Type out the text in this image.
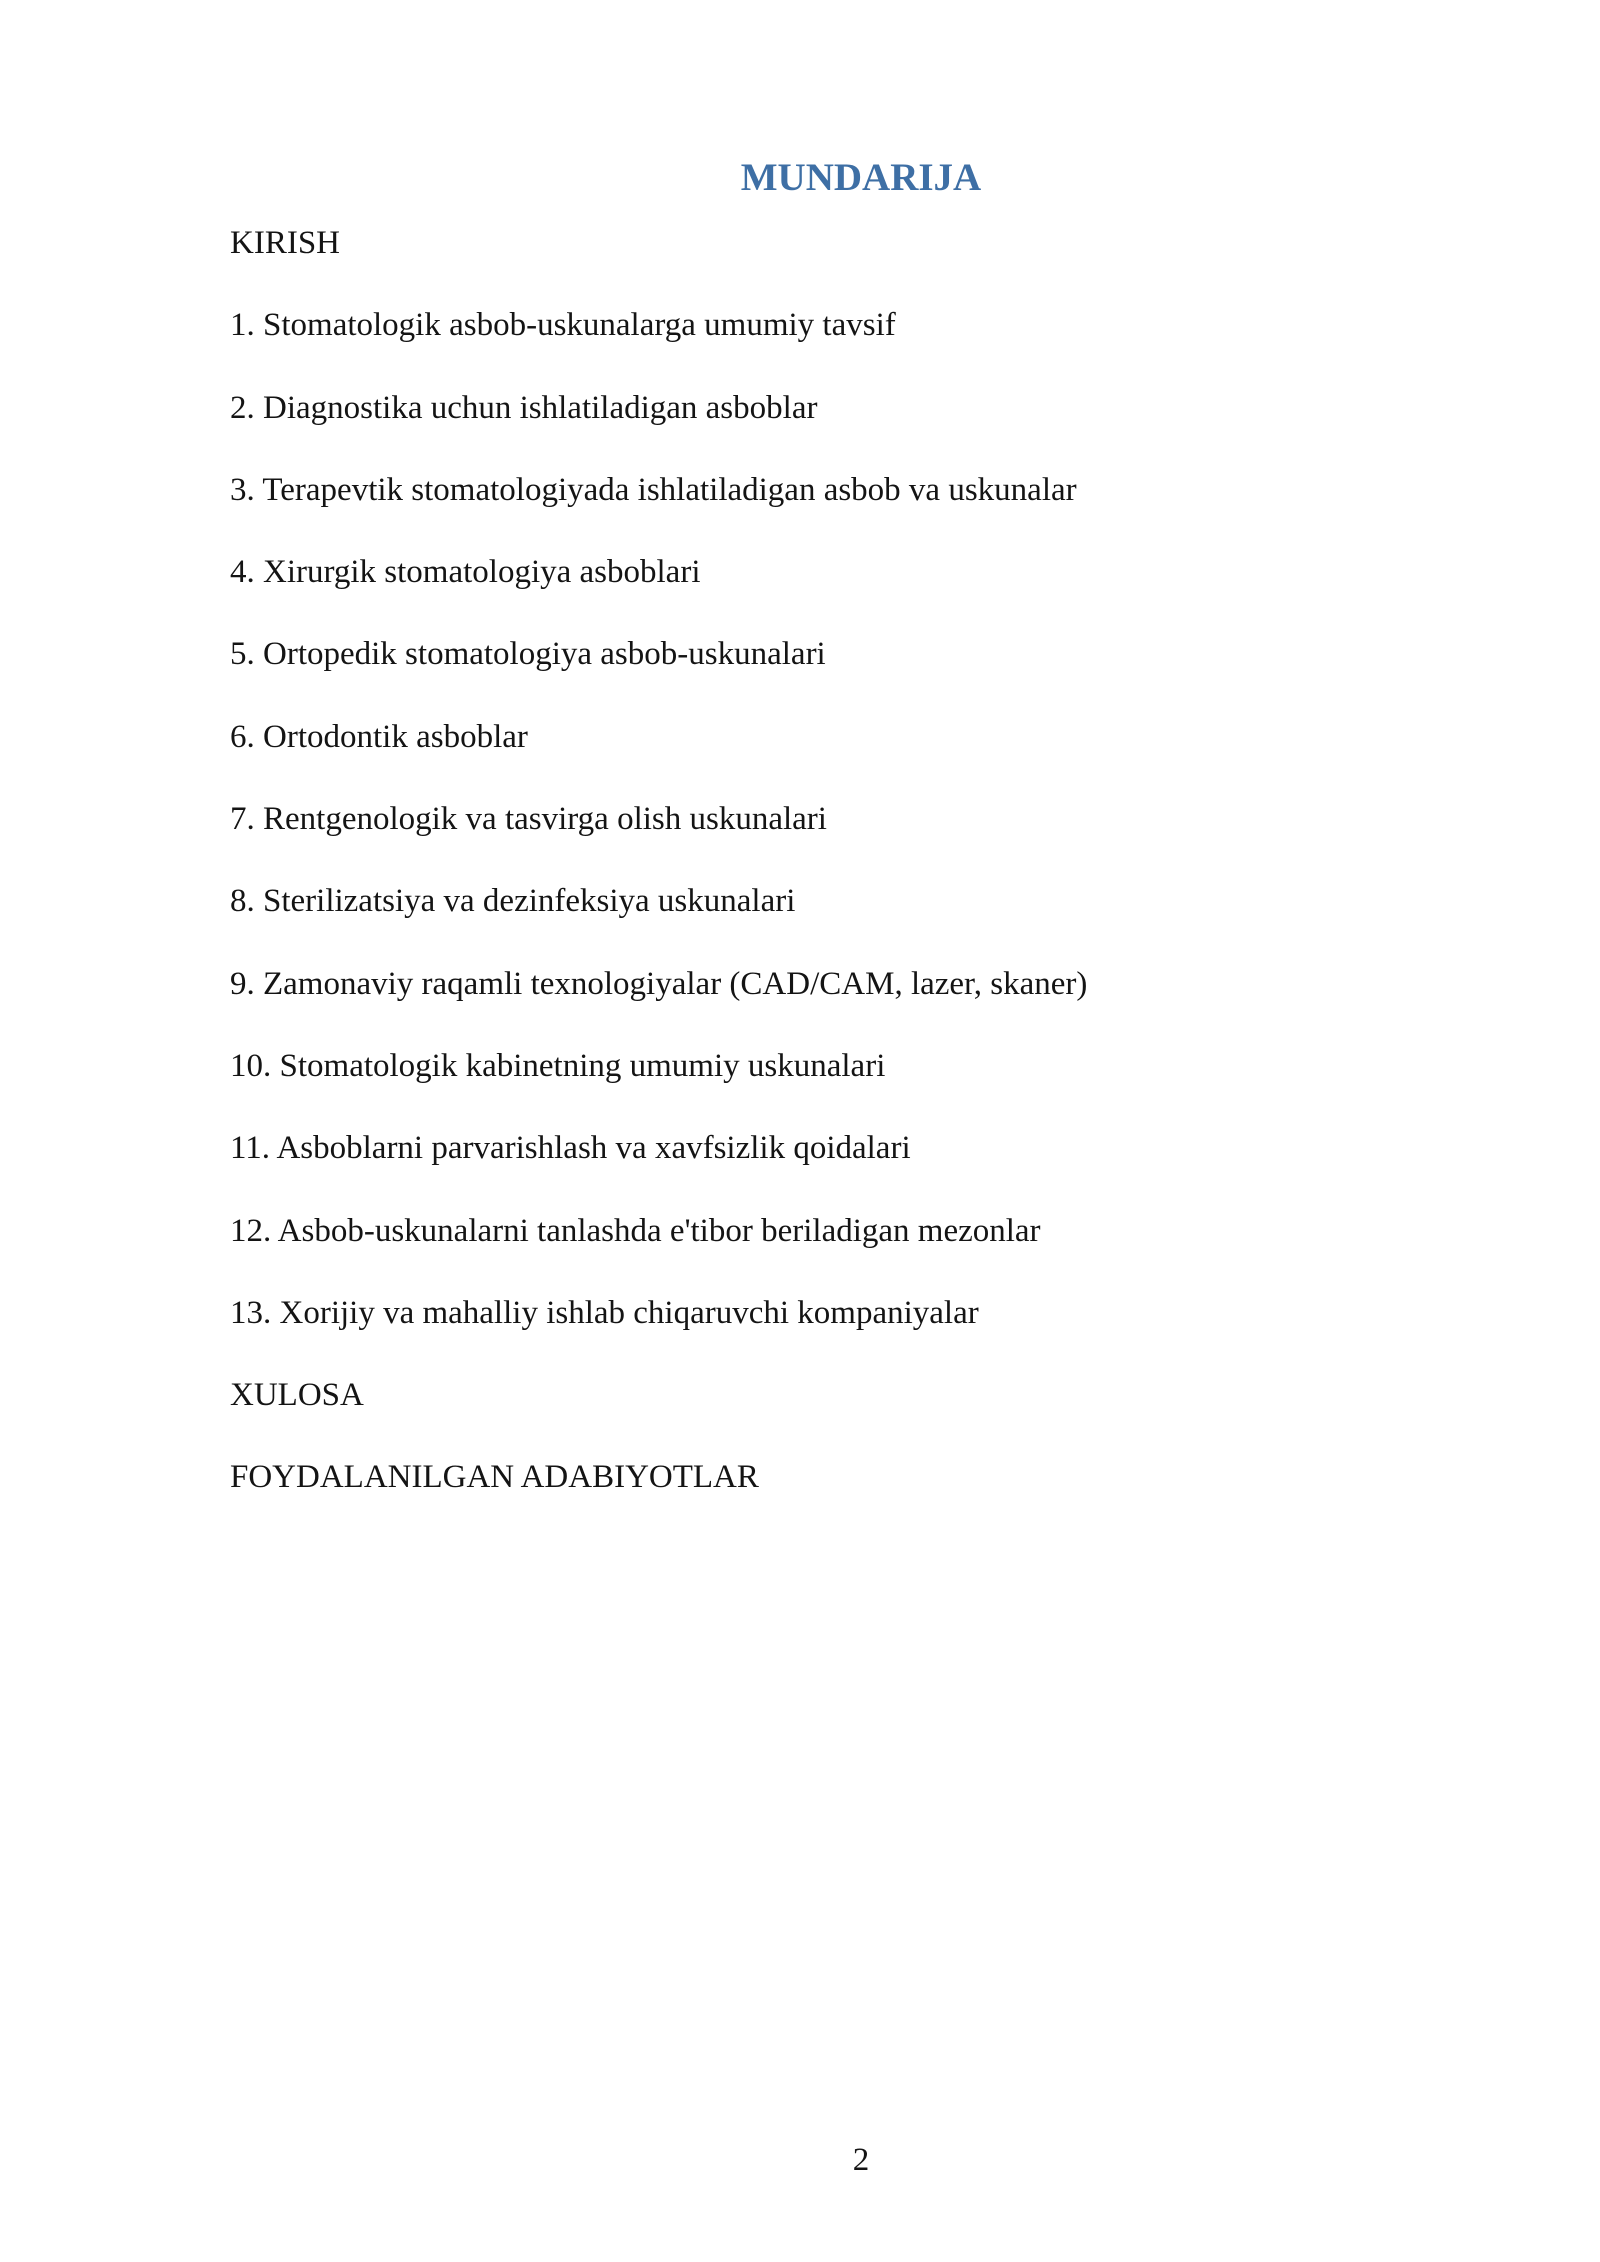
MUNDARIJA
KIRISH
1. Stomatologik asbob-uskunalarga umumiy tavsif
2. Diagnostika uchun ishlatiladigan asboblar
3. Terapevtik stomatologiyada ishlatiladigan asbob va uskunalar
4. Xirurgik stomatologiya asboblari
5. Ortopedik stomatologiya asbob-uskunalari
6. Ortodontik asboblar
7. Rentgenologik va tasvirga olish uskunalari
8. Sterilizatsiya va dezinfeksiya uskunalari
9. Zamonaviy raqamli texnologiyalar (CAD/CAM, lazer, skaner)
10. Stomatologik kabinetning umumiy uskunalari
11. Asboblarni parvarishlash va xavfsizlik qoidalari
12. Asbob-uskunalarni tanlashda e'tibor beriladigan mezonlar
13. Xorijiy va mahalliy ishlab chiqaruvchi kompaniyalar
XULOSA
FOYDALANILGAN ADABIYOTLAR
2
